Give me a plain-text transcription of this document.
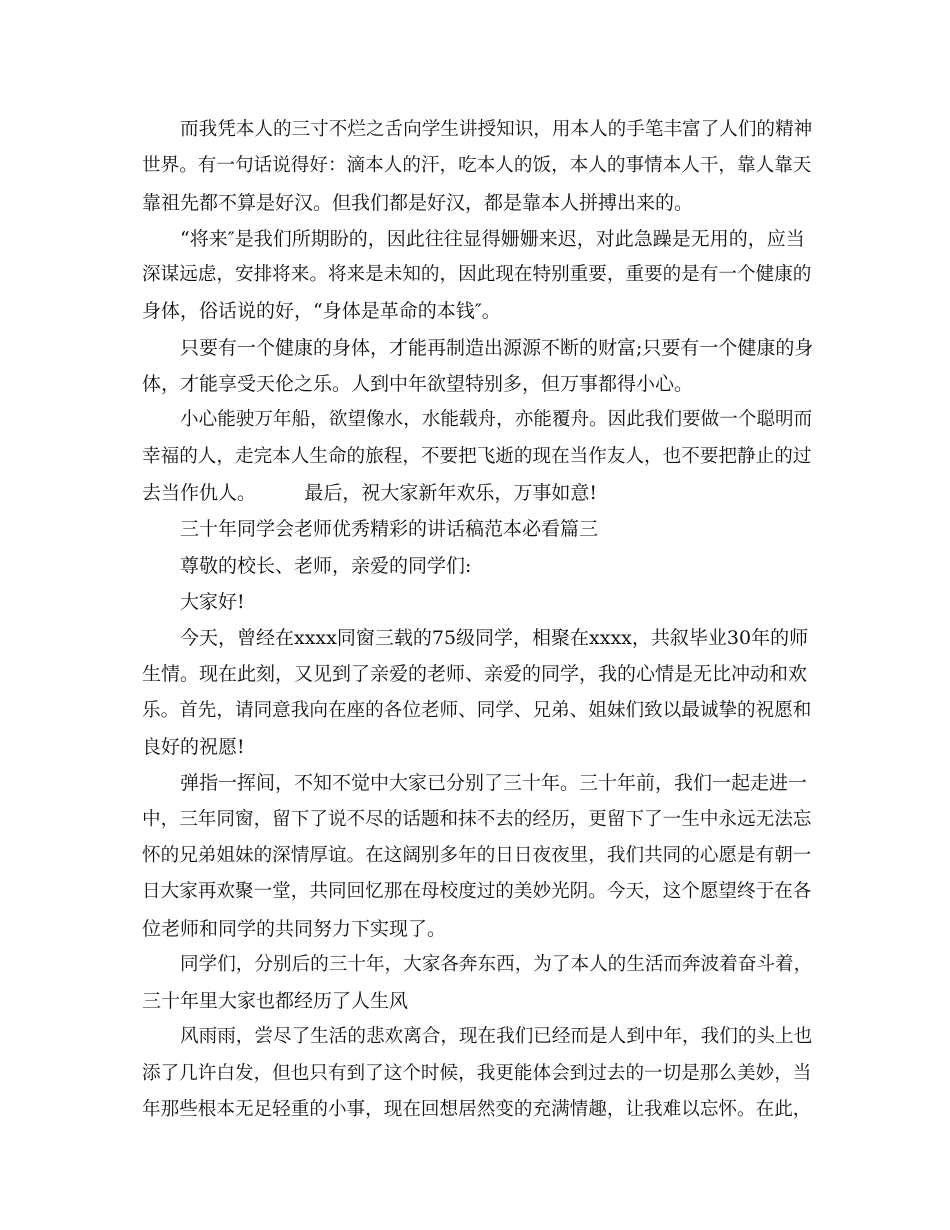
而我凭本人的三寸不烂之舌向学生讲授知识，用本人的手笔丰富了人们的精神
世界。有一句话说得好：滴本人的汗，吃本人的饭，本人的事情本人干，靠人靠天
靠祖先都不算是好汉。但我们都是好汉，都是靠本人拼搏出来的。
“将来″是我们所期盼的，因此往往显得姗姗来迟，对此急躁是无用的，应当
深谋远虑，安排将来。将来是未知的，因此现在特别重要，重要的是有一个健康的
身体，俗话说的好，“身体是革命的本钱″。
只要有一个健康的身体，才能再制造出源源不断的财富;只要有一个健康的身
体，才能享受天伦之乐。人到中年欲望特别多，但万事都得小心。
小心能驶万年船，欲望像水，水能载舟，亦能覆舟。因此我们要做一个聪明而
幸福的人，走完本人生命的旅程，不要把飞逝的现在当作友人，也不要把静止的过
去当作仇人。        最后，祝大家新年欢乐，万事如意!
三十年同学会老师优秀精彩的讲话稿范本必看篇三
尊敬的校长、老师，亲爱的同学们:
大家好!
今天，曾经在xxxx同窗三载的75级同学，相聚在xxxx，共叙毕业30年的师
生情。现在此刻，又见到了亲爱的老师、亲爱的同学，我的心情是无比冲动和欢
乐。首先，请同意我向在座的各位老师、同学、兄弟、姐妹们致以最诚挚的祝愿和
良好的祝愿!
弹指一挥间，不知不觉中大家已分别了三十年。三十年前，我们一起走进一
中，三年同窗，留下了说不尽的话题和抹不去的经历，更留下了一生中永远无法忘
怀的兄弟姐妹的深情厚谊。在这阔别多年的日日夜夜里，我们共同的心愿是有朝一
日大家再欢聚一堂，共同回忆那在母校度过的美妙光阴。今天，这个愿望终于在各
位老师和同学的共同努力下实现了。
同学们，分别后的三十年，大家各奔东西，为了本人的生活而奔波着奋斗着，
三十年里大家也都经历了人生风
风雨雨，尝尽了生活的悲欢离合，现在我们已经而是人到中年，我们的头上也
添了几许白发，但也只有到了这个时候，我更能体会到过去的一切是那么美妙，当
年那些根本无足轻重的小事，现在回想居然变的充满情趣，让我难以忘怀。在此，
